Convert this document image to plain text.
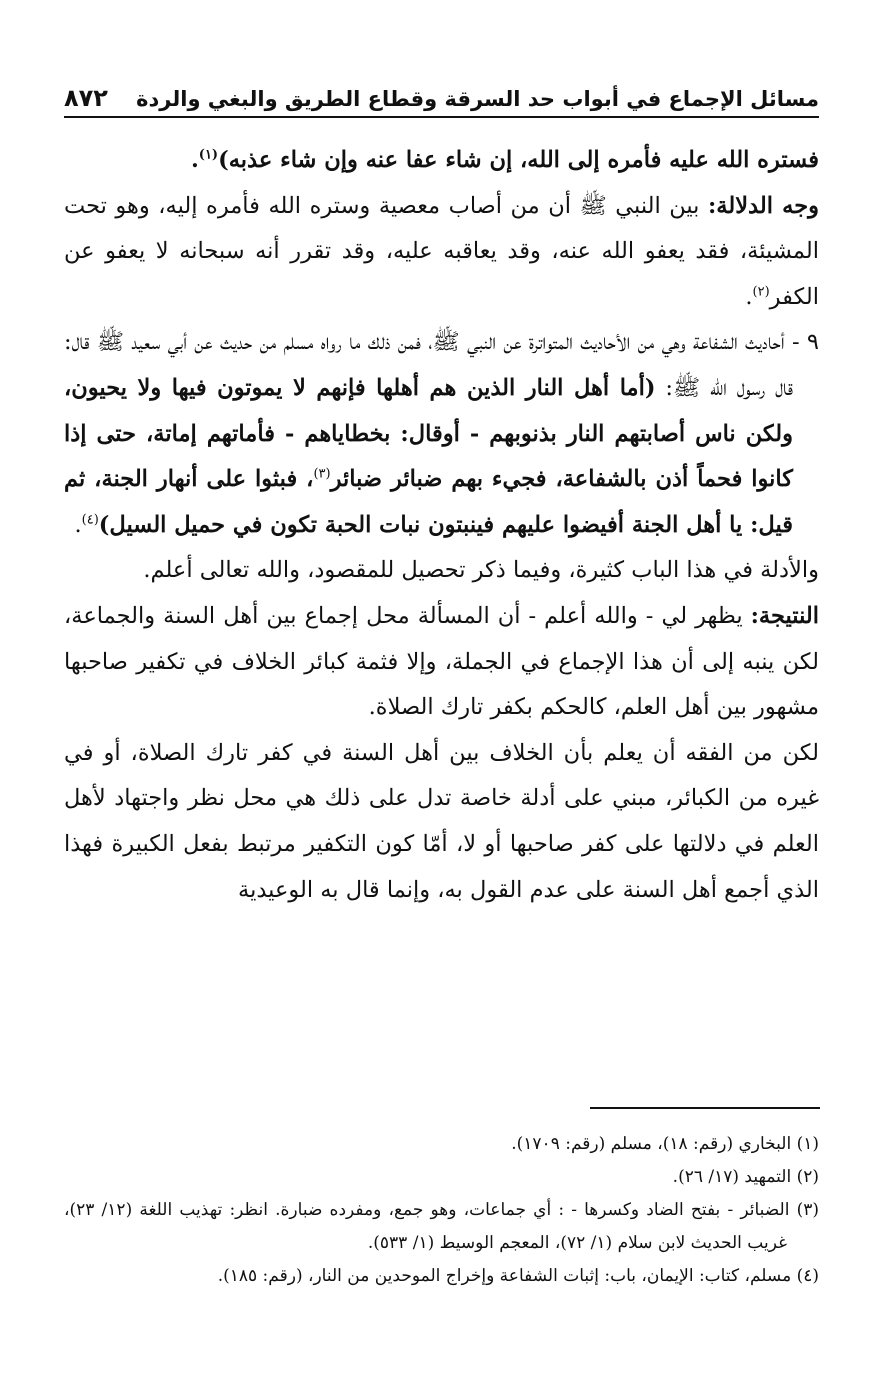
مسائل الإجماع في أبواب حد السرقة وقطاع الطريق والبغي والردة
٨٧٢

فستره الله عليه فأمره إلى الله، إن شاء عفا عنه وإن شاء عذبه)$^{(١)}$.

وجه الدلالة: بين النبي ﷺ أن من أصاب معصية وستره الله فأمره إليه، وهو تحت المشيئة، فقد يعفو الله عنه، وقد يعاقبه عليه، وقد تقرر أنه سبحانه لا يعفو عن الكفر$^{(٢)}$.

٩ - أحاديث الشفاعة وهي من الأحاديث المتواترة عن النبي ﷺ، فمن ذلك ما رواه مسلم من حديث عن أبي سعيد ﷺ قال: قال رسول الله ﷺ: (أما أهل النار الذين هم أهلها فإنهم لا يموتون فيها ولا يحيون، ولكن ناس أصابتهم النار بذنوبهم - أوقال: بخطاياهم - فأماتهم إماتة، حتى إذا كانوا فحماً أذن بالشفاعة، فجيء بهم ضبائر ضبائر$^{(٣)}$، فبثوا على أنهار الجنة، ثم قيل: يا أهل الجنة أفيضوا عليهم فينبتون نبات الحبة تكون في حميل السيل)$^{(٤)}$.

والأدلة في هذا الباب كثيرة، وفيما ذكر تحصيل للمقصود، والله تعالى أعلم.

النتيجة: يظهر لي - والله أعلم - أن المسألة محل إجماع بين أهل السنة والجماعة، لكن ينبه إلى أن هذا الإجماع في الجملة، وإلا فثمة كبائر الخلاف في تكفير صاحبها مشهور بين أهل العلم، كالحكم بكفر تارك الصلاة.

لكن من الفقه أن يعلم بأن الخلاف بين أهل السنة في كفر تارك الصلاة، أو في غيره من الكبائر، مبني على أدلة خاصة تدل على ذلك هي محل نظر واجتهاد لأهل العلم في دلالتها على كفر صاحبها أو لا، أمّا كون التكفير مرتبط بفعل الكبيرة فهذا الذي أجمع أهل السنة على عدم القول به، وإنما قال به الوعيدية

(١) البخاري (رقم: ١٨)، مسلم (رقم: ١٧٠٩).

(٢) التمهيد (١٧/ ٢٦).

(٣) الضبائر - بفتح الضاد وكسرها - : أي جماعات، وهو جمع، ومفرده ضبارة. انظر: تهذيب اللغة (١٢/ ٢٣)، غريب الحديث لابن سلام (١/ ٧٢)، المعجم الوسيط (١/ ٥٣٣).

(٤) مسلم، كتاب: الإيمان، باب: إثبات الشفاعة وإخراج الموحدين من النار، (رقم: ١٨٥).
